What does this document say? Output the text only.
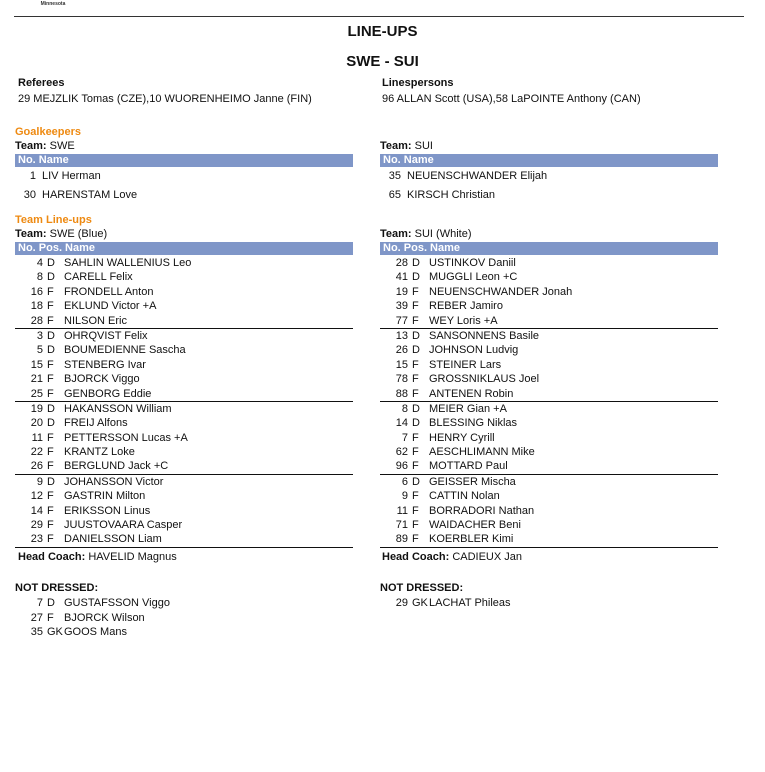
Minnesota
LINE-UPS
SWE - SUI
Referees
29 MEJZLIK Tomas (CZE),10 WUORENHEIMO Janne (FIN)
Linespersons
96 ALLAN Scott (USA),58 LaPOINTE Anthony (CAN)
Goalkeepers
Team: SWE
No. Name
1 LIV Herman
30 HARENSTAM Love
Team: SUI
No. Name
35 NEUENSCHWANDER Elijah
65 KIRSCH Christian
Team Line-ups
Team: SWE (Blue)
No. Pos. Name
4 D SAHLIN WALLENIUS Leo
8 D CARELL Felix
16 F FRONDELL Anton
18 F EKLUND Victor +A
28 F NILSON Eric
3 D OHRQVIST Felix
5 D BOUMEDIENNE Sascha
15 F STENBERG Ivar
21 F BJORCK Viggo
25 F GENBORG Eddie
19 D HAKANSSON William
20 D FREIJ Alfons
11 F PETTERSSON Lucas +A
22 F KRANTZ Loke
26 F BERGLUND Jack +C
9 D JOHANSSON Victor
12 F GASTRIN Milton
14 F ERIKSSON Linus
29 F JUUSTOVAARA Casper
23 F DANIELSSON Liam
Team: SUI (White)
No. Pos. Name
28 D USTINKOV Daniil
41 D MUGGLI Leon +C
19 F NEUENSCHWANDER Jonah
39 F REBER Jamiro
77 F WEY Loris +A
13 D SANSONNENS Basile
26 D JOHNSON Ludvig
15 F STEINER Lars
78 F GROSSNIKLAUS Joel
88 F ANTENEN Robin
8 D MEIER Gian +A
14 D BLESSING Niklas
7 F HENRY Cyrill
62 F AESCHLIMANN Mike
96 F MOTTARD Paul
6 D GEISSER Mischa
9 F CATTIN Nolan
11 F BORRADORI Nathan
71 F WAIDACHER Beni
89 F KOERBLER Kimi
Head Coach: HAVELID Magnus	Head Coach: CADIEUX Jan
NOT DRESSED:
7 D GUSTAFSSON Viggo
27 F BJORCK Wilson
35 GK GOOS Mans
NOT DRESSED:
29 GK LACHAT Phileas
